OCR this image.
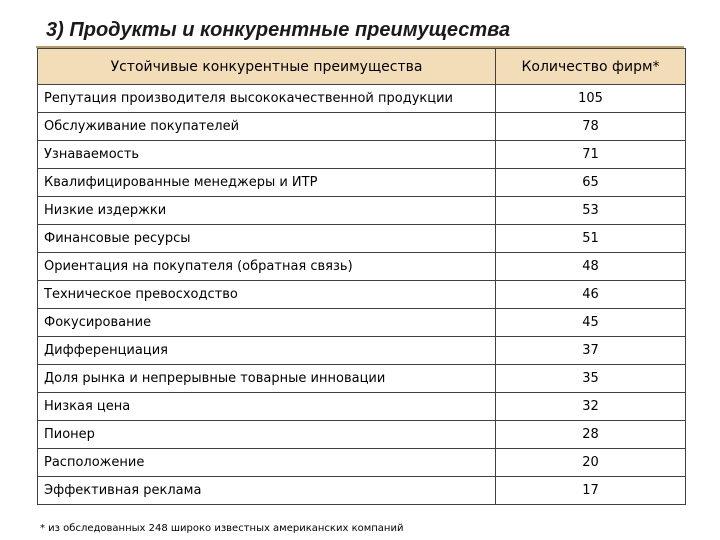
3) Продукты и конкурентные преимущества
Устойчивые конкурентные преимущества	Количество фирм*
Репутация производителя высококачественной продукции	105
Обслуживание покупателей	78
Узнаваемость	71
Квалифицированные менеджеры и ИТР	65
Низкие издержки	53
Финансовые ресурсы	51
Ориентация на покупателя (обратная связь)	48
Техническое превосходство	46
Фокусирование	45
Дифференциация	37
Доля рынка и непрерывные товарные инновации	35
Низкая цена	32
Пионер	28
Расположение	20
Эффективная реклама	17
* из обследованных 248 широко известных американских компаний
